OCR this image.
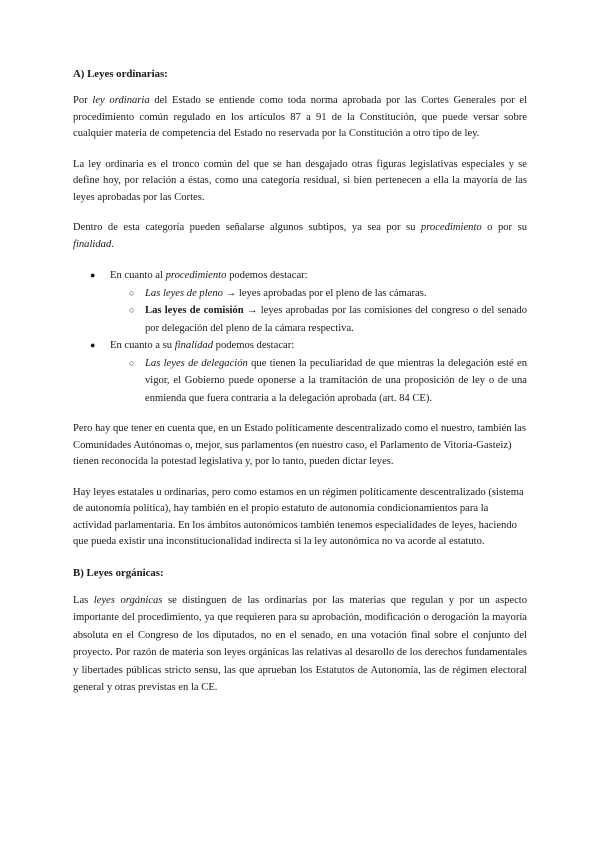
A) Leyes ordinarias:

Por ley ordinaria del Estado se entiende como toda norma aprobada por las Cortes Generales por el procedimiento común regulado en los artículos 87 a 91 de la Constitución, que puede versar sobre cualquier materia de competencia del Estado no reservada por la Constitución a otro tipo de ley.

La ley ordinaria es el tronco común del que se han desgajado otras figuras legislativas especiales y se define hoy, por relación a éstas, como una categoría residual, si bien pertenecen a ella la mayoría de las leyes aprobadas por las Cortes.

Dentro de esta categoría pueden señalarse algunos subtipos, ya sea por su procedimiento o por su finalidad.

● En cuanto al procedimiento podemos destacar:
○ Las leyes de pleno → leyes aprobadas por el pleno de las cámaras.
○ Las leyes de comisión → leyes aprobadas por las comisiones del congreso o del senado por delegación del pleno de la cámara respectiva.
● En cuanto a su finalidad podemos destacar:
○ Las leyes de delegación que tienen la peculiaridad de que mientras la delegación esté en vigor, el Gobierno puede oponerse a la tramitación de una proposición de ley o de una enmienda que fuera contraria a la delegación aprobada (art. 84 CE).

Pero hay que tener en cuenta que, en un Estado políticamente descentralizado como el nuestro, también las Comunidades Autónomas o, mejor, sus parlamentos (en nuestro caso, el Parlamento de Vitoria-Gasteiz) tienen reconocida la potestad legislativa y, por lo tanto, pueden dictar leyes.

Hay leyes estatales u ordinarias, pero como estamos en un régimen políticamente descentralizado (sistema de autonomía política), hay también en el propio estatuto de autonomía condicionamientos para la actividad parlamentaria. En los ámbitos autonómicos también tenemos especialidades de leyes, haciendo que pueda existir una inconstitucionalidad indirecta si la ley autonómica no va acorde al estatuto.

B) Leyes orgánicas:

Las leyes orgánicas se distinguen de las ordinarias por las materias que regulan y por un aspecto importante del procedimiento, ya que requieren para su aprobación, modificación o derogación la mayoría absoluta en el Congreso de los diputados, no en el senado, en una votación final sobre el conjunto del proyecto. Por razón de materia son leyes orgánicas las relativas al desarollo de los derechos fundamentales y libertades públicas stricto sensu, las que aprueban los Estatutos de Autonomía, las de régimen electoral general y otras previstas en la CE.
